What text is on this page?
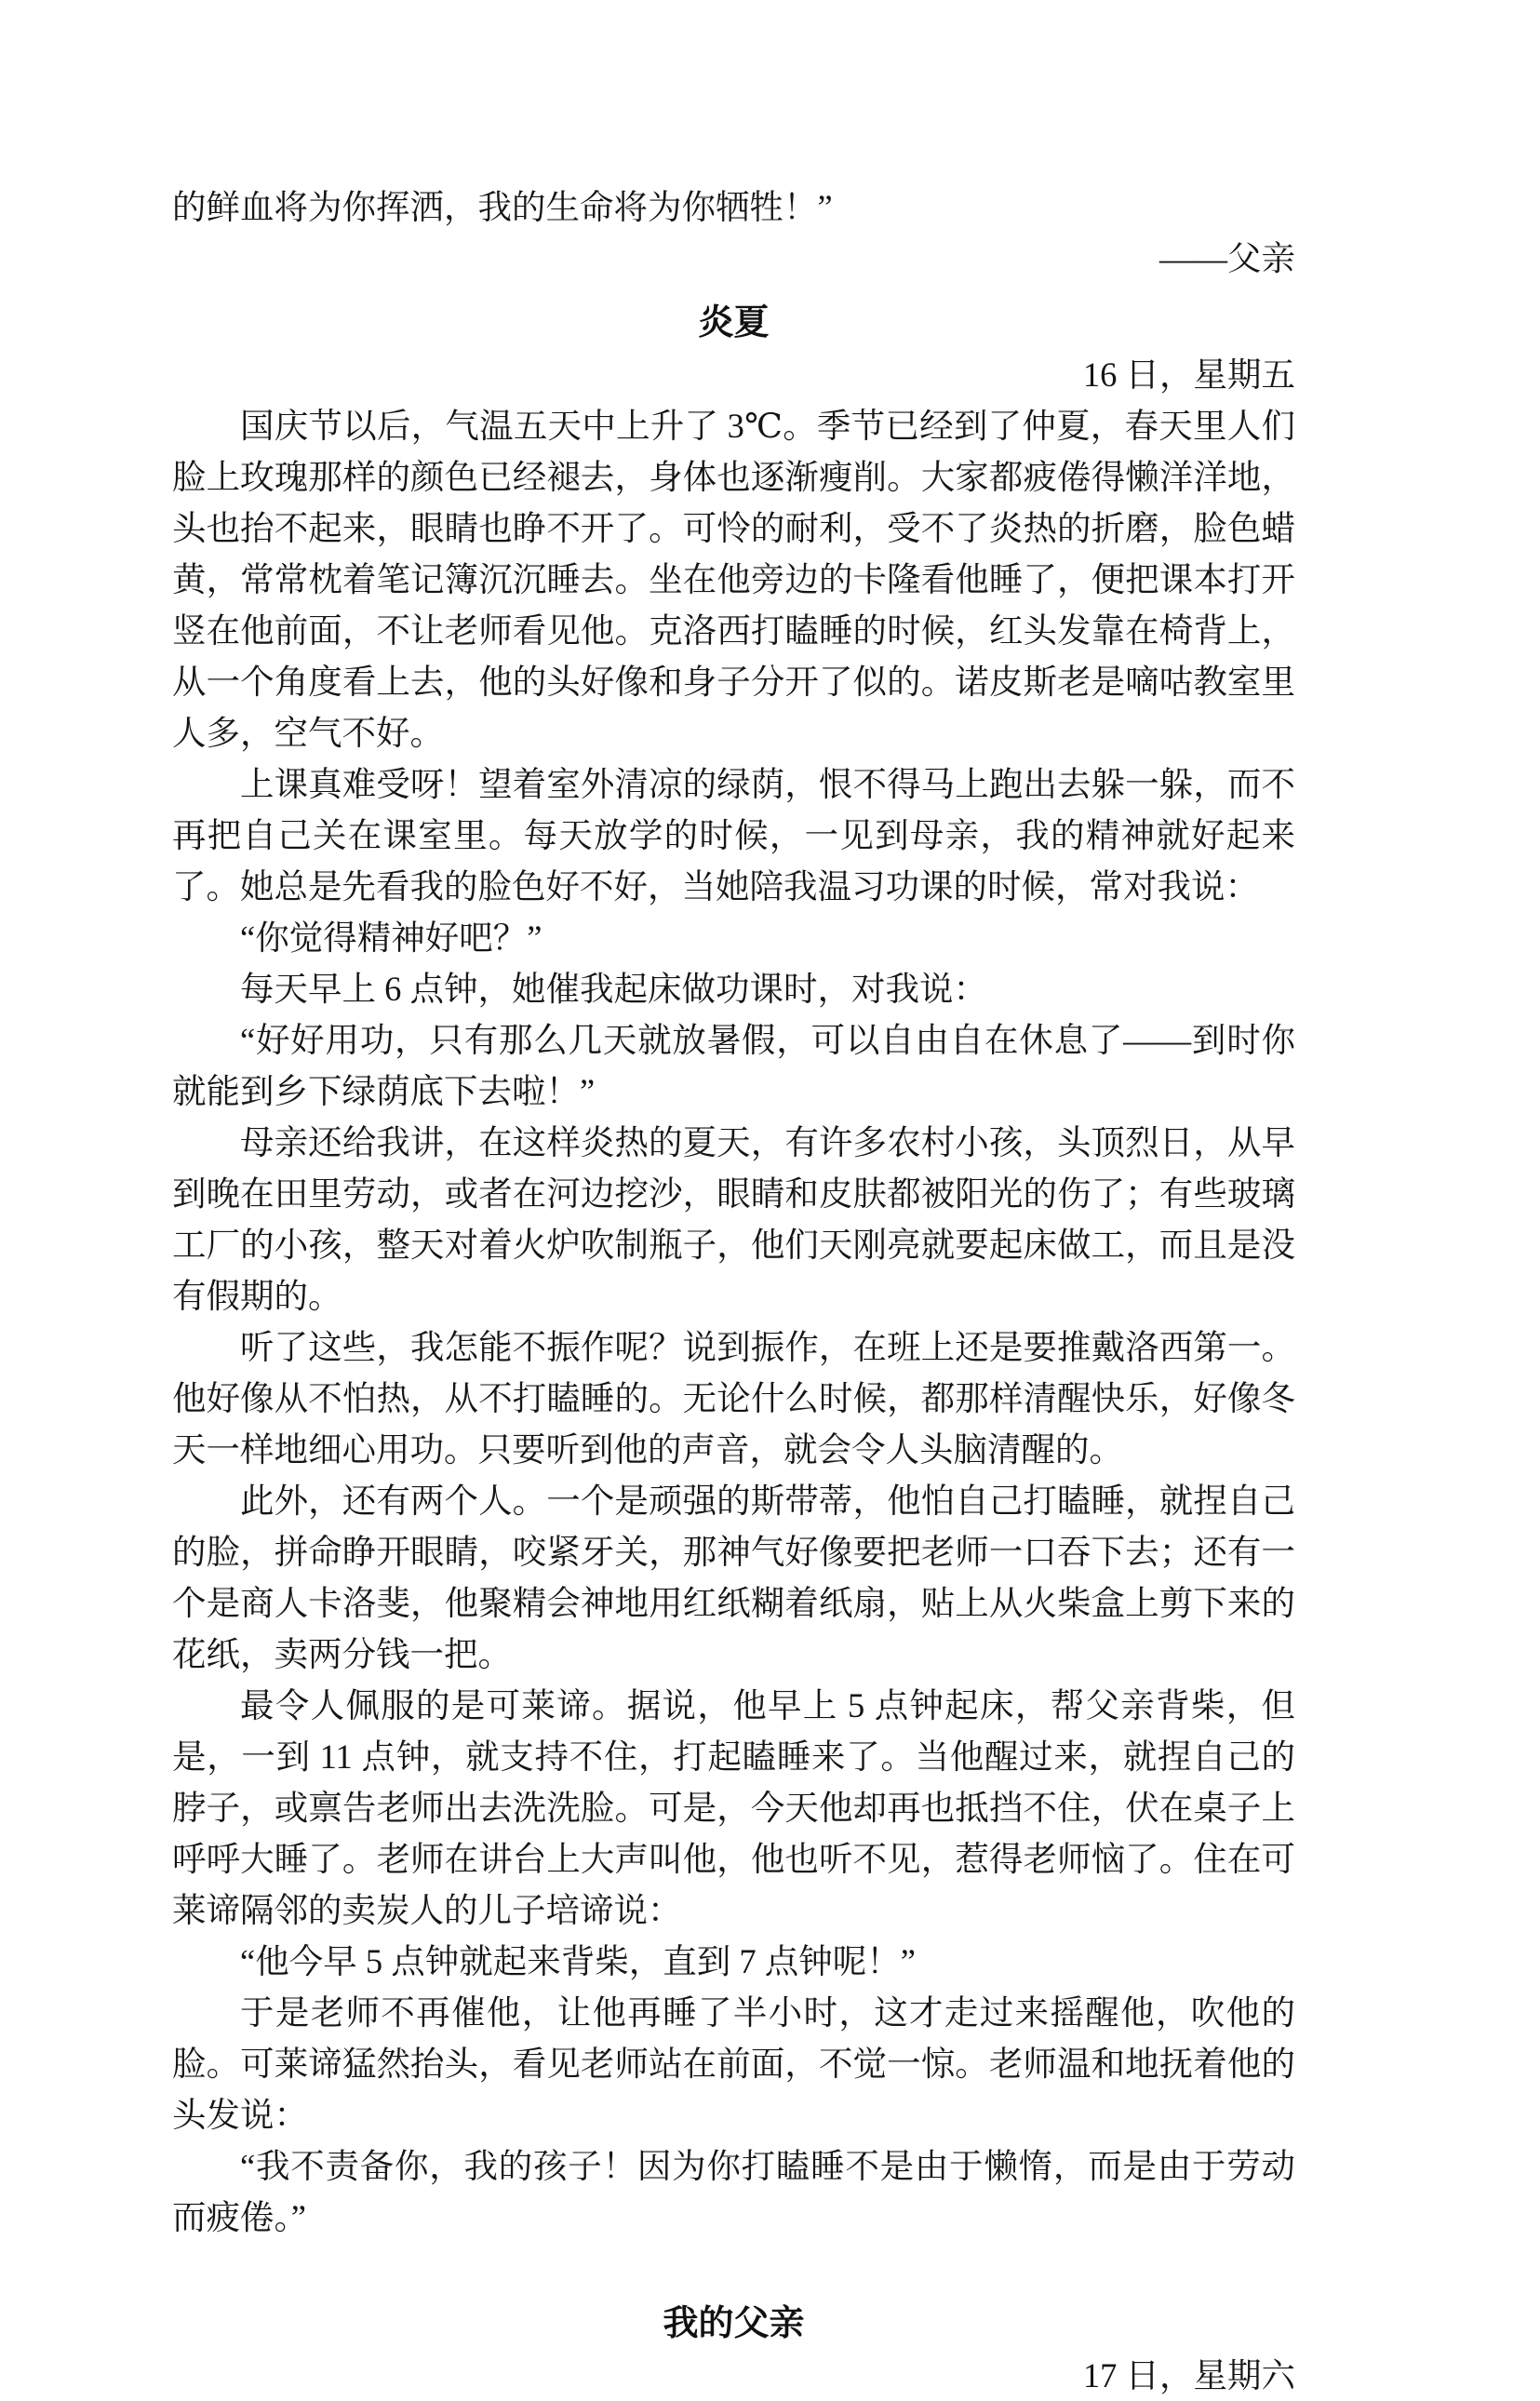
的鲜血将为你挥洒，我的生命将为你牺牲！”

——父亲

炎夏

16 日，星期五

国庆节以后，气温五天中上升了 3℃。季节已经到了仲夏，春天里人们脸上玫瑰那样的颜色已经褪去，身体也逐渐瘦削。大家都疲倦得懒洋洋地，头也抬不起来，眼睛也睁不开了。可怜的耐利，受不了炎热的折磨，脸色蜡黄，常常枕着笔记簿沉沉睡去。坐在他旁边的卡隆看他睡了，便把课本打开竖在他前面，不让老师看见他。克洛西打瞌睡的时候，红头发靠在椅背上，从一个角度看上去，他的头好像和身子分开了似的。诺皮斯老是嘀咕教室里人多，空气不好。

上课真难受呀！望着室外清凉的绿荫，恨不得马上跑出去躲一躲，而不再把自己关在课室里。每天放学的时候，一见到母亲，我的精神就好起来了。她总是先看我的脸色好不好，当她陪我温习功课的时候，常对我说：

“你觉得精神好吧？”

每天早上 6 点钟，她催我起床做功课时，对我说：

“好好用功，只有那么几天就放暑假，可以自由自在休息了——到时你就能到乡下绿荫底下去啦！”

母亲还给我讲，在这样炎热的夏天，有许多农村小孩，头顶烈日，从早到晚在田里劳动，或者在河边挖沙，眼睛和皮肤都被阳光的伤了；有些玻璃工厂的小孩，整天对着火炉吹制瓶子，他们天刚亮就要起床做工，而且是没有假期的。

听了这些，我怎能不振作呢？说到振作，在班上还是要推戴洛西第一。他好像从不怕热，从不打瞌睡的。无论什么时候，都那样清醒快乐，好像冬天一样地细心用功。只要听到他的声音，就会令人头脑清醒的。

此外，还有两个人。一个是顽强的斯带蒂，他怕自己打瞌睡，就捏自己的脸，拼命睁开眼睛，咬紧牙关，那神气好像要把老师一口吞下去；还有一个是商人卡洛斐，他聚精会神地用红纸糊着纸扇，贴上从火柴盒上剪下来的花纸，卖两分钱一把。

最令人佩服的是可莱谛。据说，他早上 5 点钟起床，帮父亲背柴，但是，一到 11 点钟，就支持不住，打起瞌睡来了。当他醒过来，就捏自己的脖子，或禀告老师出去洗洗脸。可是，今天他却再也抵挡不住，伏在桌子上呼呼大睡了。老师在讲台上大声叫他，他也听不见，惹得老师恼了。住在可莱谛隔邻的卖炭人的儿子培谛说：

“他今早 5 点钟就起来背柴，直到 7 点钟呢！”

于是老师不再催他，让他再睡了半小时，这才走过来摇醒他，吹他的脸。可莱谛猛然抬头，看见老师站在前面，不觉一惊。老师温和地抚着他的头发说：

“我不责备你，我的孩子！因为你打瞌睡不是由于懒惰，而是由于劳动而疲倦。”

我的父亲

17 日，星期六
